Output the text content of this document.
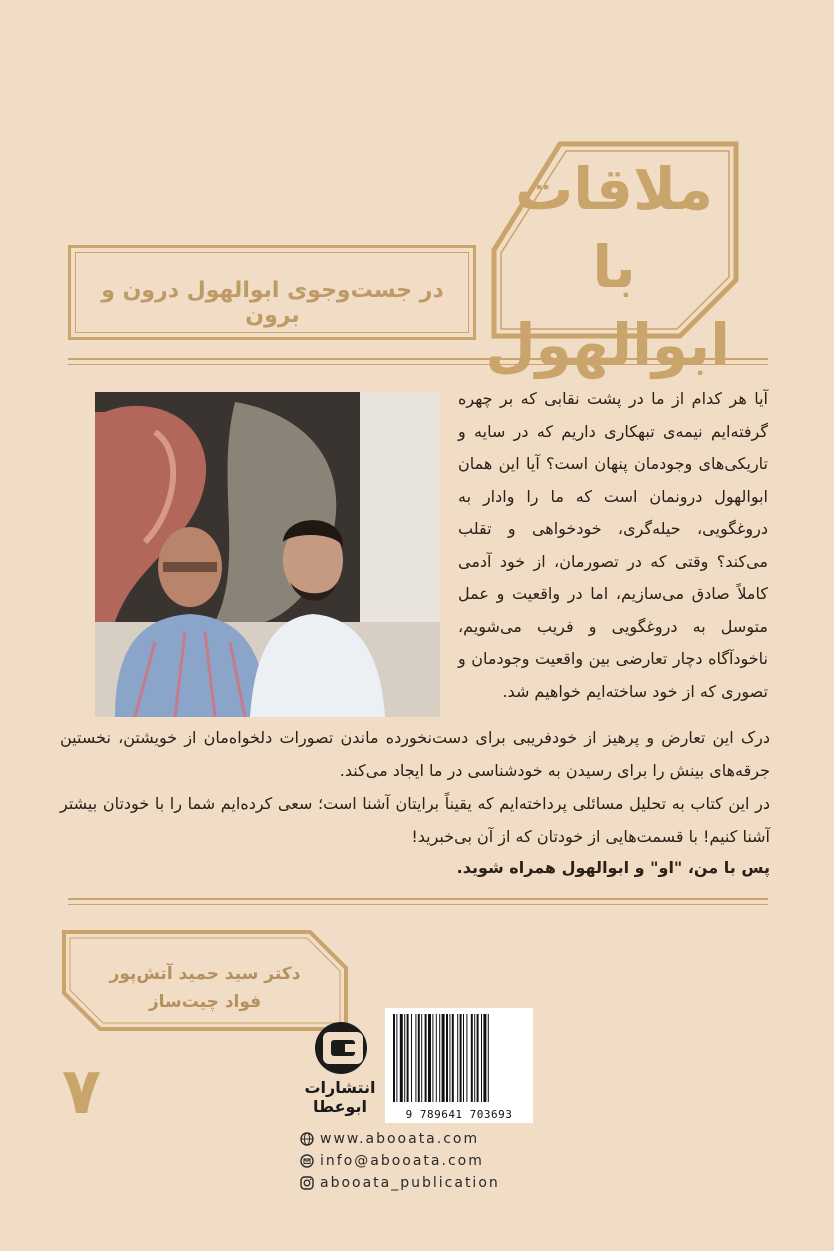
ملاقات
با ابوالهول
در جست‌وجوی ابوالهول درون و برون
آیا هر کدام از ما در پشت نقابی که بر چهره گرفته‌ایم نیمه‌ی تبهکاری داریم که در سایه و تاریکی‌های وجودمان پنهان است؟ آیا این همان ابوالهول درونمان است که ما را وادار به دروغگویی، حیله‌گری، خودخواهی و تقلب می‌کند؟ وقتی که در تصورمان، از خود آدمی کاملاً صادق می‌سازیم، اما در واقعیت و عمل متوسل به دروغگویی و فریب می‌شویم، ناخودآگاه دچار تعارضی بین واقعیت وجودمان و تصوری که از خود ساخته‌ایم خواهیم شد.
درک این تعارض و پرهیز از خودفریبی برای دست‌نخورده ماندن تصورات دلخواه‌مان از خویشتن، نخستین جرقه‌های بینش را برای رسیدن به خودشناسی در ما ایجاد می‌کند.
در این کتاب به تحلیل مسائلی پرداخته‌ایم که یقیناً برایتان آشنا است؛ سعی کرده‌ایم شما را با خودتان بیشتر آشنا کنیم! با قسمت‌هایی از خودتان که از آن بی‌خبرید!
پس با من، "او" و ابوالهول همراه شوید.
دکتر سید حمید آتش‌پور
فواد چیت‌ساز
۷	انتشارات
ابوعطا	9 789641 703693
www.abooata.com
info@abooata.com
abooata_publication
